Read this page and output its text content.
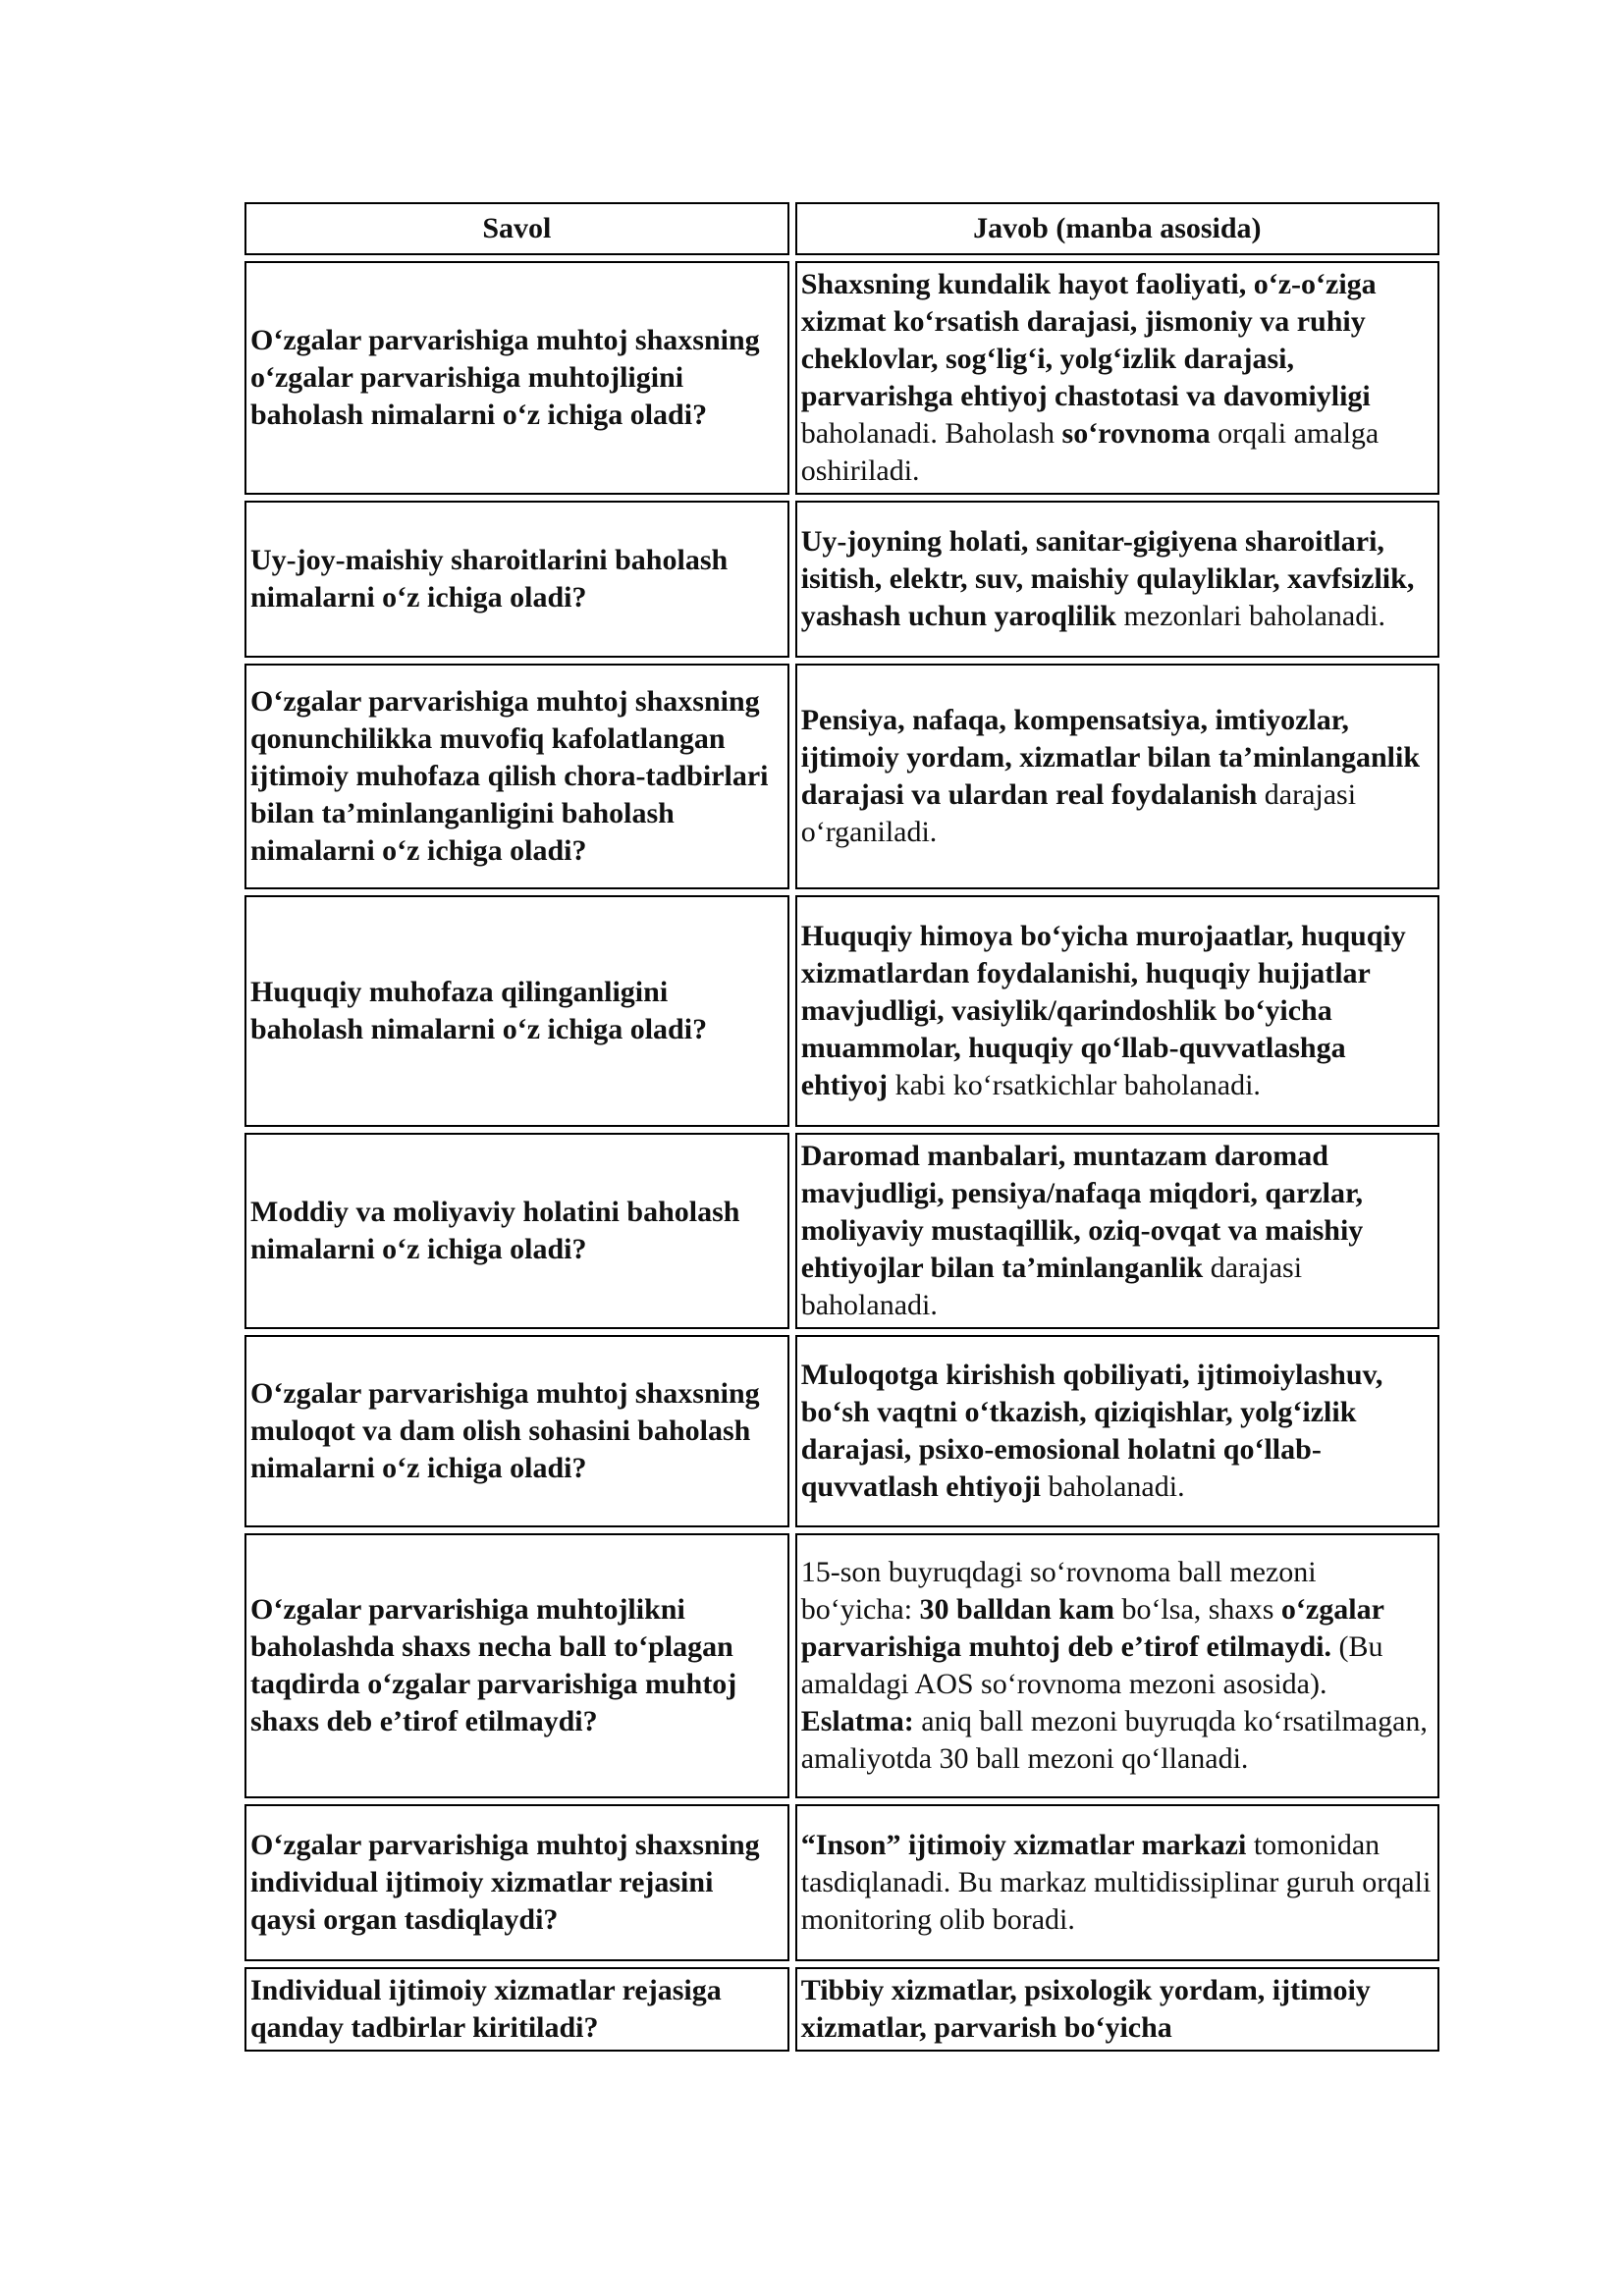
Savol	Javob (manba asosida)
O‘zgalar parvarishiga muhtoj shaxsning o‘zgalar parvarishiga muhtojligini baholash nimalarni o‘z ichiga oladi?	Shaxsning kundalik hayot faoliyati, o‘z-o‘ziga xizmat ko‘rsatish darajasi, jismoniy va ruhiy cheklovlar, sog‘lig‘i, yolg‘izlik darajasi, parvarishga ehtiyoj chastotasi va davomiyligi baholanadi. Baholash so‘rovnoma orqali amalga oshiriladi.
Uy-joy-maishiy sharoitlarini baholash nimalarni o‘z ichiga oladi?	Uy-joyning holati, sanitar-gigiyena sharoitlari, isitish, elektr, suv, maishiy qulayliklar, xavfsizlik, yashash uchun yaroqlilik mezonlari baholanadi.
O‘zgalar parvarishiga muhtoj shaxsning qonunchilikka muvofiq kafolatlangan ijtimoiy muhofaza qilish chora-tadbirlari bilan ta’minlanganligini baholash nimalarni o‘z ichiga oladi?	Pensiya, nafaqa, kompensatsiya, imtiyozlar, ijtimoiy yordam, xizmatlar bilan ta’minlanganlik darajasi va ulardan real foydalanish darajasi o‘rganiladi.
Huquqiy muhofaza qilinganligini baholash nimalarni o‘z ichiga oladi?	Huquqiy himoya bo‘yicha murojaatlar, huquqiy xizmatlardan foydalanishi, huquqiy hujjatlar mavjudligi, vasiylik/qarindoshlik bo‘yicha muammolar, huquqiy qo‘llab-quvvatlashga ehtiyoj kabi ko‘rsatkichlar baholanadi.
Moddiy va moliyaviy holatini baholash nimalarni o‘z ichiga oladi?	Daromad manbalari, muntazam daromad mavjudligi, pensiya/nafaqa miqdori, qarzlar, moliyaviy mustaqillik, oziq-ovqat va maishiy ehtiyojlar bilan ta’minlanganlik darajasi baholanadi.
O‘zgalar parvarishiga muhtoj shaxsning muloqot va dam olish sohasini baholash nimalarni o‘z ichiga oladi?	Muloqotga kirishish qobiliyati, ijtimoiylashuv, bo‘sh vaqtni o‘tkazish, qiziqishlar, yolg‘izlik darajasi, psixo-emosional holatni qo‘llab-quvvatlash ehtiyoji baholanadi.
O‘zgalar parvarishiga muhtojlikni baholashda shaxs necha ball to‘plagan taqdirda o‘zgalar parvarishiga muhtoj shaxs deb e’tirof etilmaydi?	15-son buyruqdagi so‘rovnoma ball mezoni bo‘yicha: 30 balldan kam bo‘lsa, shaxs o‘zgalar parvarishiga muhtoj deb e’tirof etilmaydi. (Bu amaldagi AOS so‘rovnoma mezoni asosida). Eslatma: aniq ball mezoni buyruqda ko‘rsatilmagan, amaliyotda 30 ball mezoni qo‘llanadi.
O‘zgalar parvarishiga muhtoj shaxsning individual ijtimoiy xizmatlar rejasini qaysi organ tasdiqlaydi?	“Inson” ijtimoiy xizmatlar markazi tomonidan tasdiqlanadi. Bu markaz multidissiplinar guruh orqali monitoring olib boradi.
Individual ijtimoiy xizmatlar rejasiga qanday tadbirlar kiritiladi?	Tibbiy xizmatlar, psixologik yordam, ijtimoiy xizmatlar, parvarish bo‘yicha
